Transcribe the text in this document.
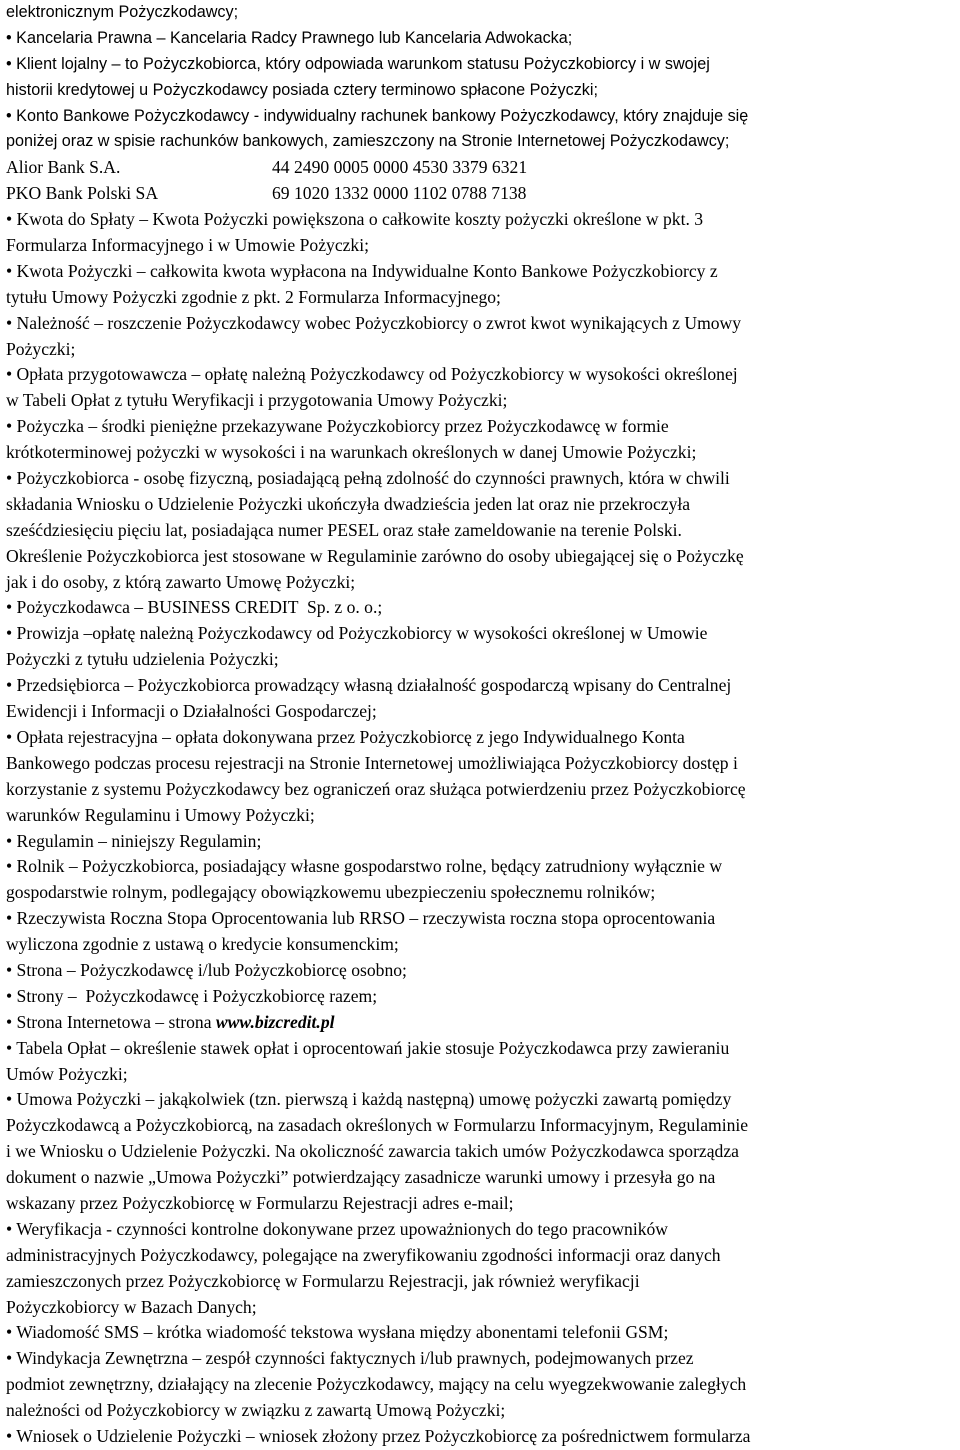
elektronicznym Pożyczkodawcy;
• Kancelaria Prawna – Kancelaria Radcy Prawnego lub Kancelaria Adwokacka;
• Klient lojalny – to Pożyczkobiorca, który odpowiada warunkom statusu Pożyczkobiorcy i w swojej
historii kredytowej u Pożyczkodawcy posiada cztery terminowo spłacone Pożyczki;
• Konto Bankowe Pożyczkodawcy - indywidualny rachunek bankowy Pożyczkodawcy, który znajduje się
poniżej oraz w spisie rachunków bankowych, zamieszczony na Stronie Internetowej Pożyczkodawcy;
Alior Bank S.A.	44 2490 0005 0000 4530 3379 6321
PKO Bank Polski SA	69 1020 1332 0000 1102 0788 7138
• Kwota do Spłaty – Kwota Pożyczki powiększona o całkowite koszty pożyczki określone w pkt. 3
Formularza Informacyjnego i w Umowie Pożyczki;
• Kwota Pożyczki – całkowita kwota wypłacona na Indywidualne Konto Bankowe Pożyczkobiorcy z
tytułu Umowy Pożyczki zgodnie z pkt. 2 Formularza Informacyjnego;
• Należność – roszczenie Pożyczkodawcy wobec Pożyczkobiorcy o zwrot kwot wynikających z Umowy
Pożyczki;
• Opłata przygotowawcza – opłatę należną Pożyczkodawcy od Pożyczkobiorcy w wysokości określonej
w Tabeli Opłat z tytułu Weryfikacji i przygotowania Umowy Pożyczki;
• Pożyczka – środki pieniężne przekazywane Pożyczkobiorcy przez Pożyczkodawcę w formie
krótkoterminowej pożyczki w wysokości i na warunkach określonych w danej Umowie Pożyczki;
• Pożyczkobiorca - osobę fizyczną, posiadającą pełną zdolność do czynności prawnych, która w chwili
składania Wniosku o Udzielenie Pożyczki ukończyła dwadzieścia jeden lat oraz nie przekroczyła
sześćdziesięciu pięciu lat, posiadająca numer PESEL oraz stałe zameldowanie na terenie Polski.
Określenie Pożyczkobiorca jest stosowane w Regulaminie zarówno do osoby ubiegającej się o Pożyczkę
jak i do osoby, z którą zawarto Umowę Pożyczki;
• Pożyczkodawca – BUSINESS CREDIT  Sp. z o. o.;
• Prowizja –opłatę należną Pożyczkodawcy od Pożyczkobiorcy w wysokości określonej w Umowie
Pożyczki z tytułu udzielenia Pożyczki;
• Przedsiębiorca – Pożyczkobiorca prowadzący własną działalność gospodarczą wpisany do Centralnej
Ewidencji i Informacji o Działalności Gospodarczej;
• Opłata rejestracyjna – opłata dokonywana przez Pożyczkobiorcę z jego Indywidualnego Konta
Bankowego podczas procesu rejestracji na Stronie Internetowej umożliwiająca Pożyczkobiorcy dostęp i
korzystanie z systemu Pożyczkodawcy bez ograniczeń oraz służąca potwierdzeniu przez Pożyczkobiorcę
warunków Regulaminu i Umowy Pożyczki;
• Regulamin – niniejszy Regulamin;
• Rolnik – Pożyczkobiorca, posiadający własne gospodarstwo rolne, będący zatrudniony wyłącznie w
gospodarstwie rolnym, podlegający obowiązkowemu ubezpieczeniu społecznemu rolników;
• Rzeczywista Roczna Stopa Oprocentowania lub RRSO – rzeczywista roczna stopa oprocentowania
wyliczona zgodnie z ustawą o kredycie konsumenckim;
• Strona – Pożyczkodawcę i/lub Pożyczkobiorcę osobno;
• Strony –  Pożyczkodawcę i Pożyczkobiorcę razem;
• Strona Internetowa – strona www.bizcredit.pl
• Tabela Opłat – określenie stawek opłat i oprocentowań jakie stosuje Pożyczkodawca przy zawieraniu
Umów Pożyczki;
• Umowa Pożyczki – jakąkolwiek (tzn. pierwszą i każdą następną) umowę pożyczki zawartą pomiędzy
Pożyczkodawcą a Pożyczkobiorcą, na zasadach określonych w Formularzu Informacyjnym, Regulaminie
i we Wniosku o Udzielenie Pożyczki. Na okoliczność zawarcia takich umów Pożyczkodawca sporządza
dokument o nazwie „Umowa Pożyczki” potwierdzający zasadnicze warunki umowy i przesyła go na
wskazany przez Pożyczkobiorcę w Formularzu Rejestracji adres e-mail;
• Weryfikacja - czynności kontrolne dokonywane przez upoważnionych do tego pracowników
administracyjnych Pożyczkodawcy, polegające na zweryfikowaniu zgodności informacji oraz danych
zamieszczonych przez Pożyczkobiorcę w Formularzu Rejestracji, jak również weryfikacji
Pożyczkobiorcy w Bazach Danych;
• Wiadomość SMS – krótka wiadomość tekstowa wysłana między abonentami telefonii GSM;
• Windykacja Zewnętrzna – zespół czynności faktycznych i/lub prawnych, podejmowanych przez
podmiot zewnętrzny, działający na zlecenie Pożyczkodawcy, mający na celu wyegzekwowanie zaległych
należności od Pożyczkobiorcy w związku z zawartą Umową Pożyczki;
• Wniosek o Udzielenie Pożyczki – wniosek złożony przez Pożyczkobiorcę za pośrednictwem formularza
